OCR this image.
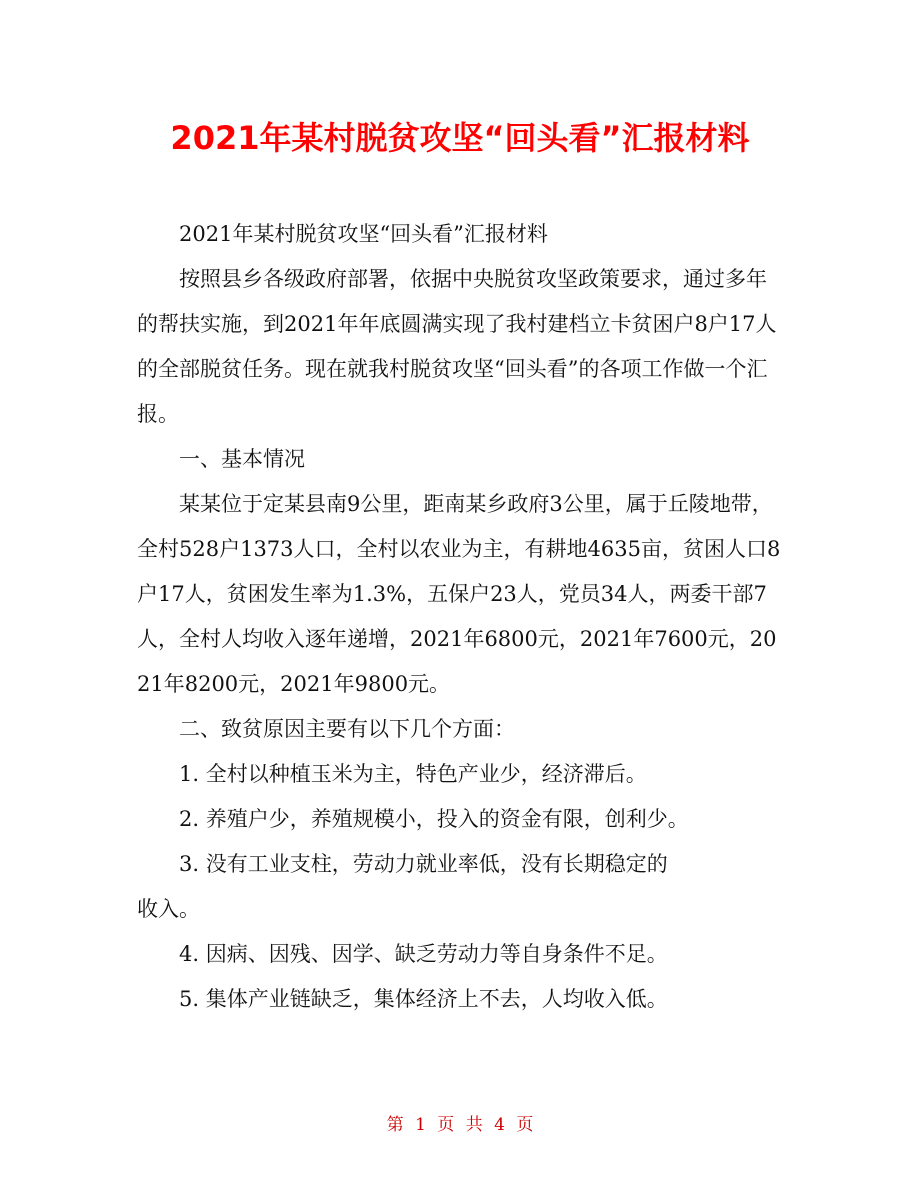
2021年某村脱贫攻坚“回头看”汇报材料

2021年某村脱贫攻坚“回头看”汇报材料

按照县乡各级政府部署，依据中央脱贫攻坚政策要求，通过多年的帮扶实施，到2021年年底圆满实现了我村建档立卡贫困户8户17人的全部脱贫任务。现在就我村脱贫攻坚“回头看”的各项工作做一个汇报。

一、基本情况

某某位于定某县南9公里，距南某乡政府3公里，属于丘陵地带，全村528户1373人口，全村以农业为主，有耕地4635亩，贫困人口8户17人，贫困发生率为1.3%，五保户23人，党员34人，两委干部7人，全村人均收入逐年递增，2021年6800元，2021年7600元，2021年8200元，2021年9800元。

二、致贫原因主要有以下几个方面：

1. 全村以种植玉米为主，特色产业少，经济滞后。

2. 养殖户少，养殖规模小，投入的资金有限，创利少。

3. 没有工业支柱，劳动力就业率低，没有长期稳定的

收入。

4. 因病、因残、因学、缺乏劳动力等自身条件不足。

5. 集体产业链缺乏，集体经济上不去，人均收入低。

第 1 页 共 4 页
